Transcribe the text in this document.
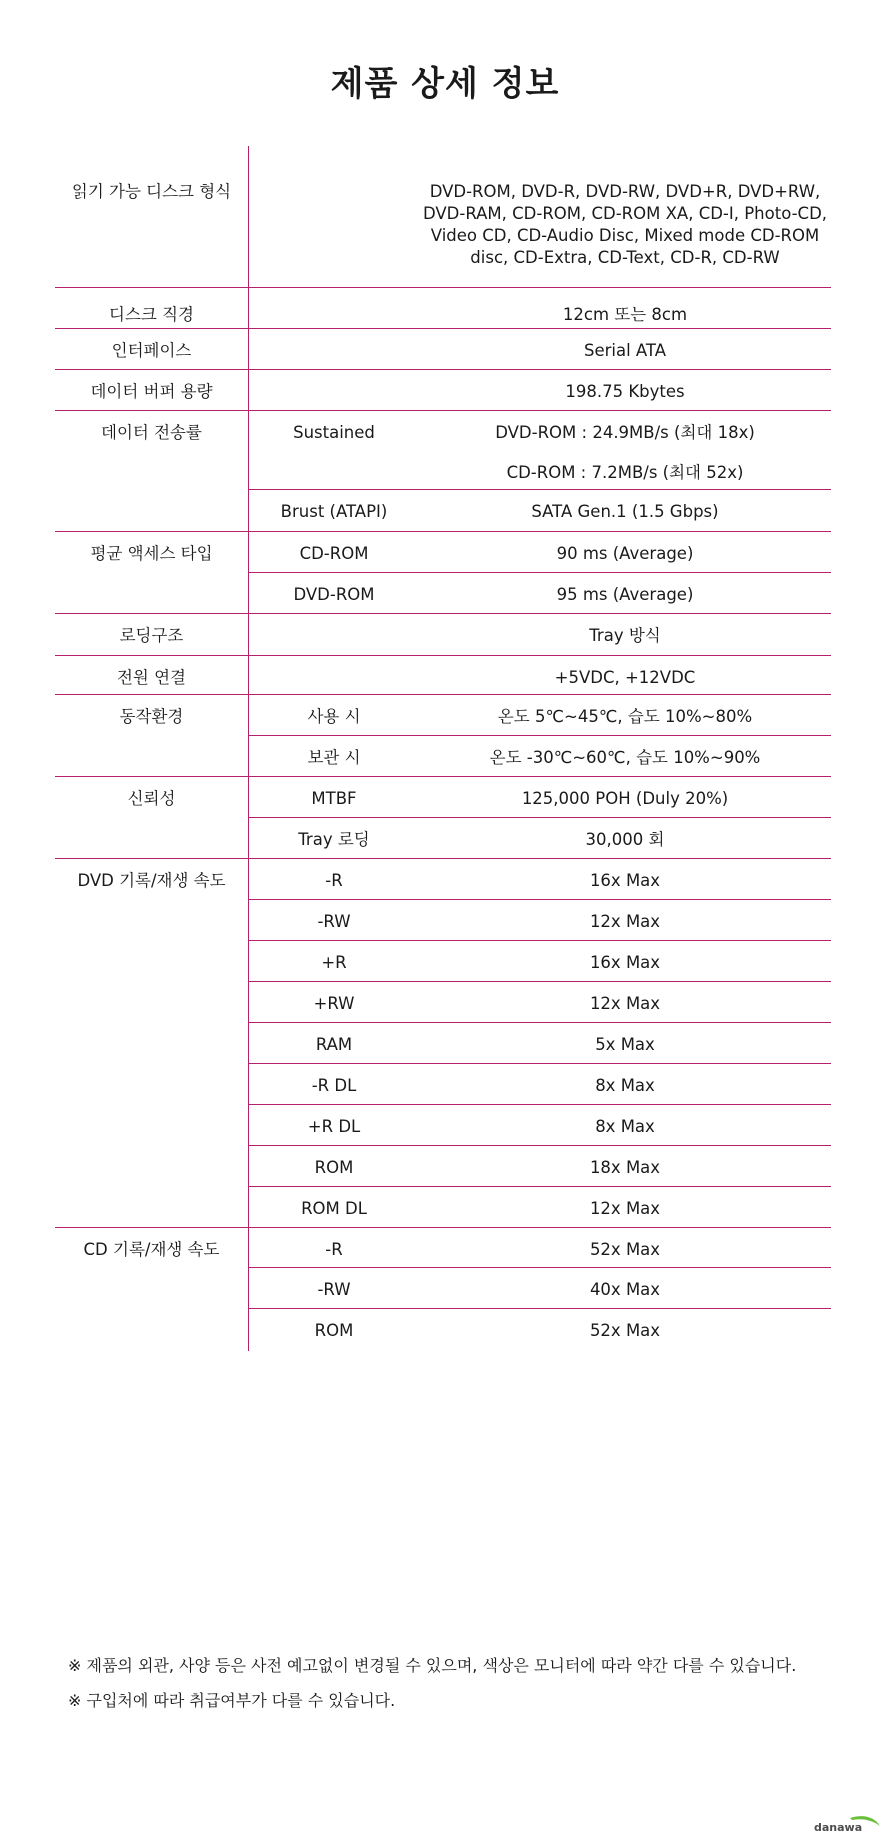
제품 상세 정보
읽기 가능 디스크 형식		DVD-ROM, DVD-R, DVD-RW, DVD+R, DVD+RW,
DVD-RAM, CD-ROM, CD-ROM XA, CD-I, Photo-CD,
Video CD, CD-Audio Disc, Mixed mode CD-ROM
disc, CD-Extra, CD-Text, CD-R, CD-RW

디스크 직경		12cm 또는 8cm

인터페이스		Serial ATA

데이터 버퍼 용량		198.75 Kbytes

데이터 전송률	Sustained	DVD-ROM : 24.9MB/s (최대 18x)

		CD-ROM : 7.2MB/s (최대 52x)

	Brust (ATAPI)	SATA Gen.1 (1.5 Gbps)

평균 액세스 타입	CD-ROM	90 ms (Average)

	DVD-ROM	95 ms (Average)

로딩구조		Tray 방식

전원 연결		+5VDC, +12VDC

동작환경	사용 시	온도 5℃~45℃, 습도 10%~80%

	보관 시	온도 -30℃~60℃, 습도 10%~90%

신뢰성	MTBF	125,000 POH (Duly 20%)

	Tray 로딩	30,000 회

DVD 기록/재생 속도	-R	16x Max

	-RW	12x Max

	+R	16x Max

	+RW	12x Max

	RAM	5x Max

	-R DL	8x Max

	+R DL	8x Max

	ROM	18x Max

	ROM DL	12x Max

CD 기록/재생 속도	-R	52x Max

	-RW	40x Max

	ROM	52x Max

※ 제품의 외관, 사양 등은 사전 예고없이 변경될 수 있으며, 색상은 모니터에 따라 약간 다를 수 있습니다.

※ 구입처에 따라 취급여부가 다를 수 있습니다.

danawa
